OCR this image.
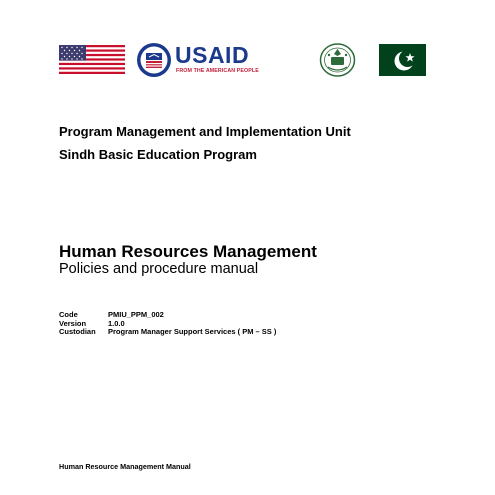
USAID
FROM THE AMERICAN PEOPLE
Program Management and Implementation Unit
Sindh Basic Education Program
Human Resources Management
Policies and procedure manual
Code	PMIU_PPM_002
Version	1.0.0
Custodian	Program Manager Support Services ( PM – SS )
Human Resource Management Manual
